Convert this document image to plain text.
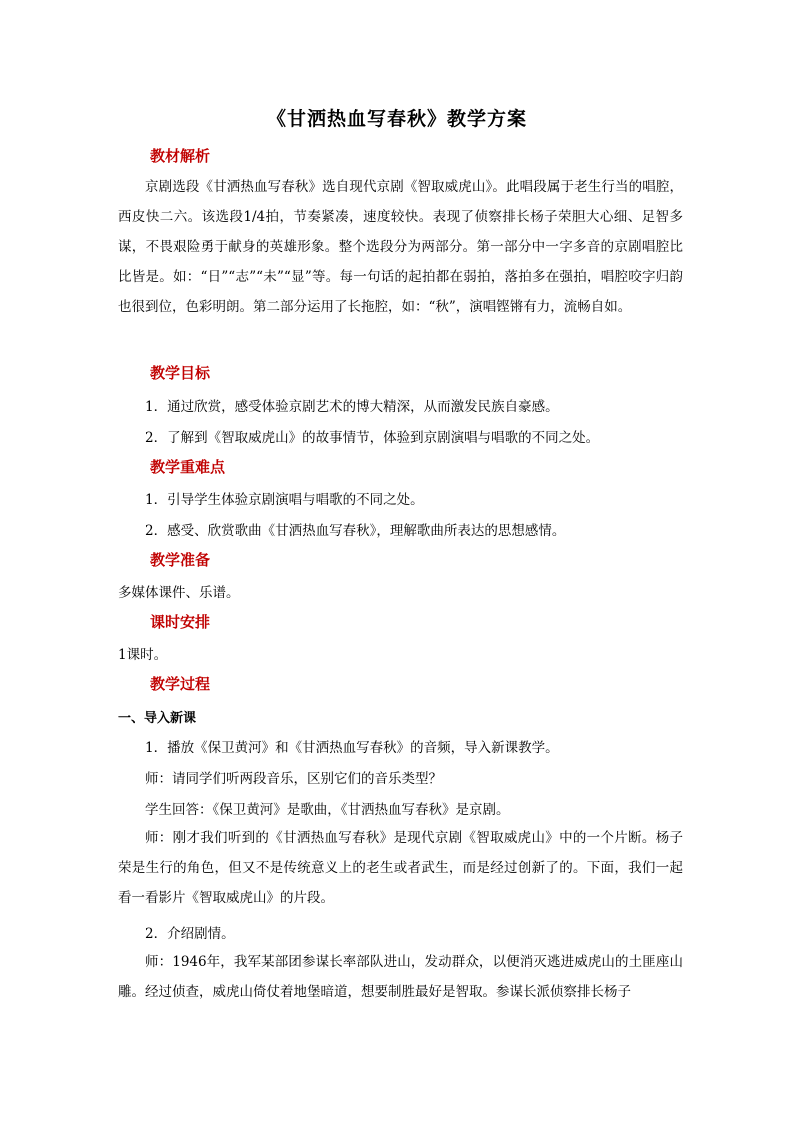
《甘洒热血写春秋》教学方案
教材解析
京剧选段《甘洒热血写春秋》选自现代京剧《智取威虎山》。此唱段属于老生行当的唱腔，西皮快二六。该选段1/4拍，节奏紧凑，速度较快。表现了侦察排长杨子荣胆大心细、足智多谋，不畏艰险勇于献身的英雄形象。整个选段分为两部分。第一部分中一字多音的京剧唱腔比比皆是。如：“日”“志”“未”“显”等。每一句话的起拍都在弱拍，落拍多在强拍，唱腔咬字归韵也很到位，色彩明朗。第二部分运用了长拖腔，如：“秋”，演唱铿锵有力，流畅自如。
教学目标
1．通过欣赏，感受体验京剧艺术的博大精深，从而激发民族自豪感。
2．了解到《智取威虎山》的故事情节，体验到京剧演唱与唱歌的不同之处。
教学重难点
1．引导学生体验京剧演唱与唱歌的不同之处。
2．感受、欣赏歌曲《甘洒热血写春秋》，理解歌曲所表达的思想感情。
教学准备
多媒体课件、乐谱。
课时安排
1课时。
教学过程
一、导入新课
1．播放《保卫黄河》和《甘洒热血写春秋》的音频，导入新课教学。
师：请同学们听两段音乐，区别它们的音乐类型？
学生回答：《保卫黄河》是歌曲，《甘洒热血写春秋》是京剧。
师：刚才我们听到的《甘洒热血写春秋》是现代京剧《智取威虎山》中的一个片断。杨子荣是生行的角色，但又不是传统意义上的老生或者武生，而是经过创新了的。下面，我们一起看一看影片《智取威虎山》的片段。
2．介绍剧情。
师：1946年，我军某部团参谋长率部队进山，发动群众，以便消灭逃进威虎山的土匪座山雕。经过侦查，威虎山倚仗着地堡暗道，想要制胜最好是智取。参谋长派侦察排长杨子
